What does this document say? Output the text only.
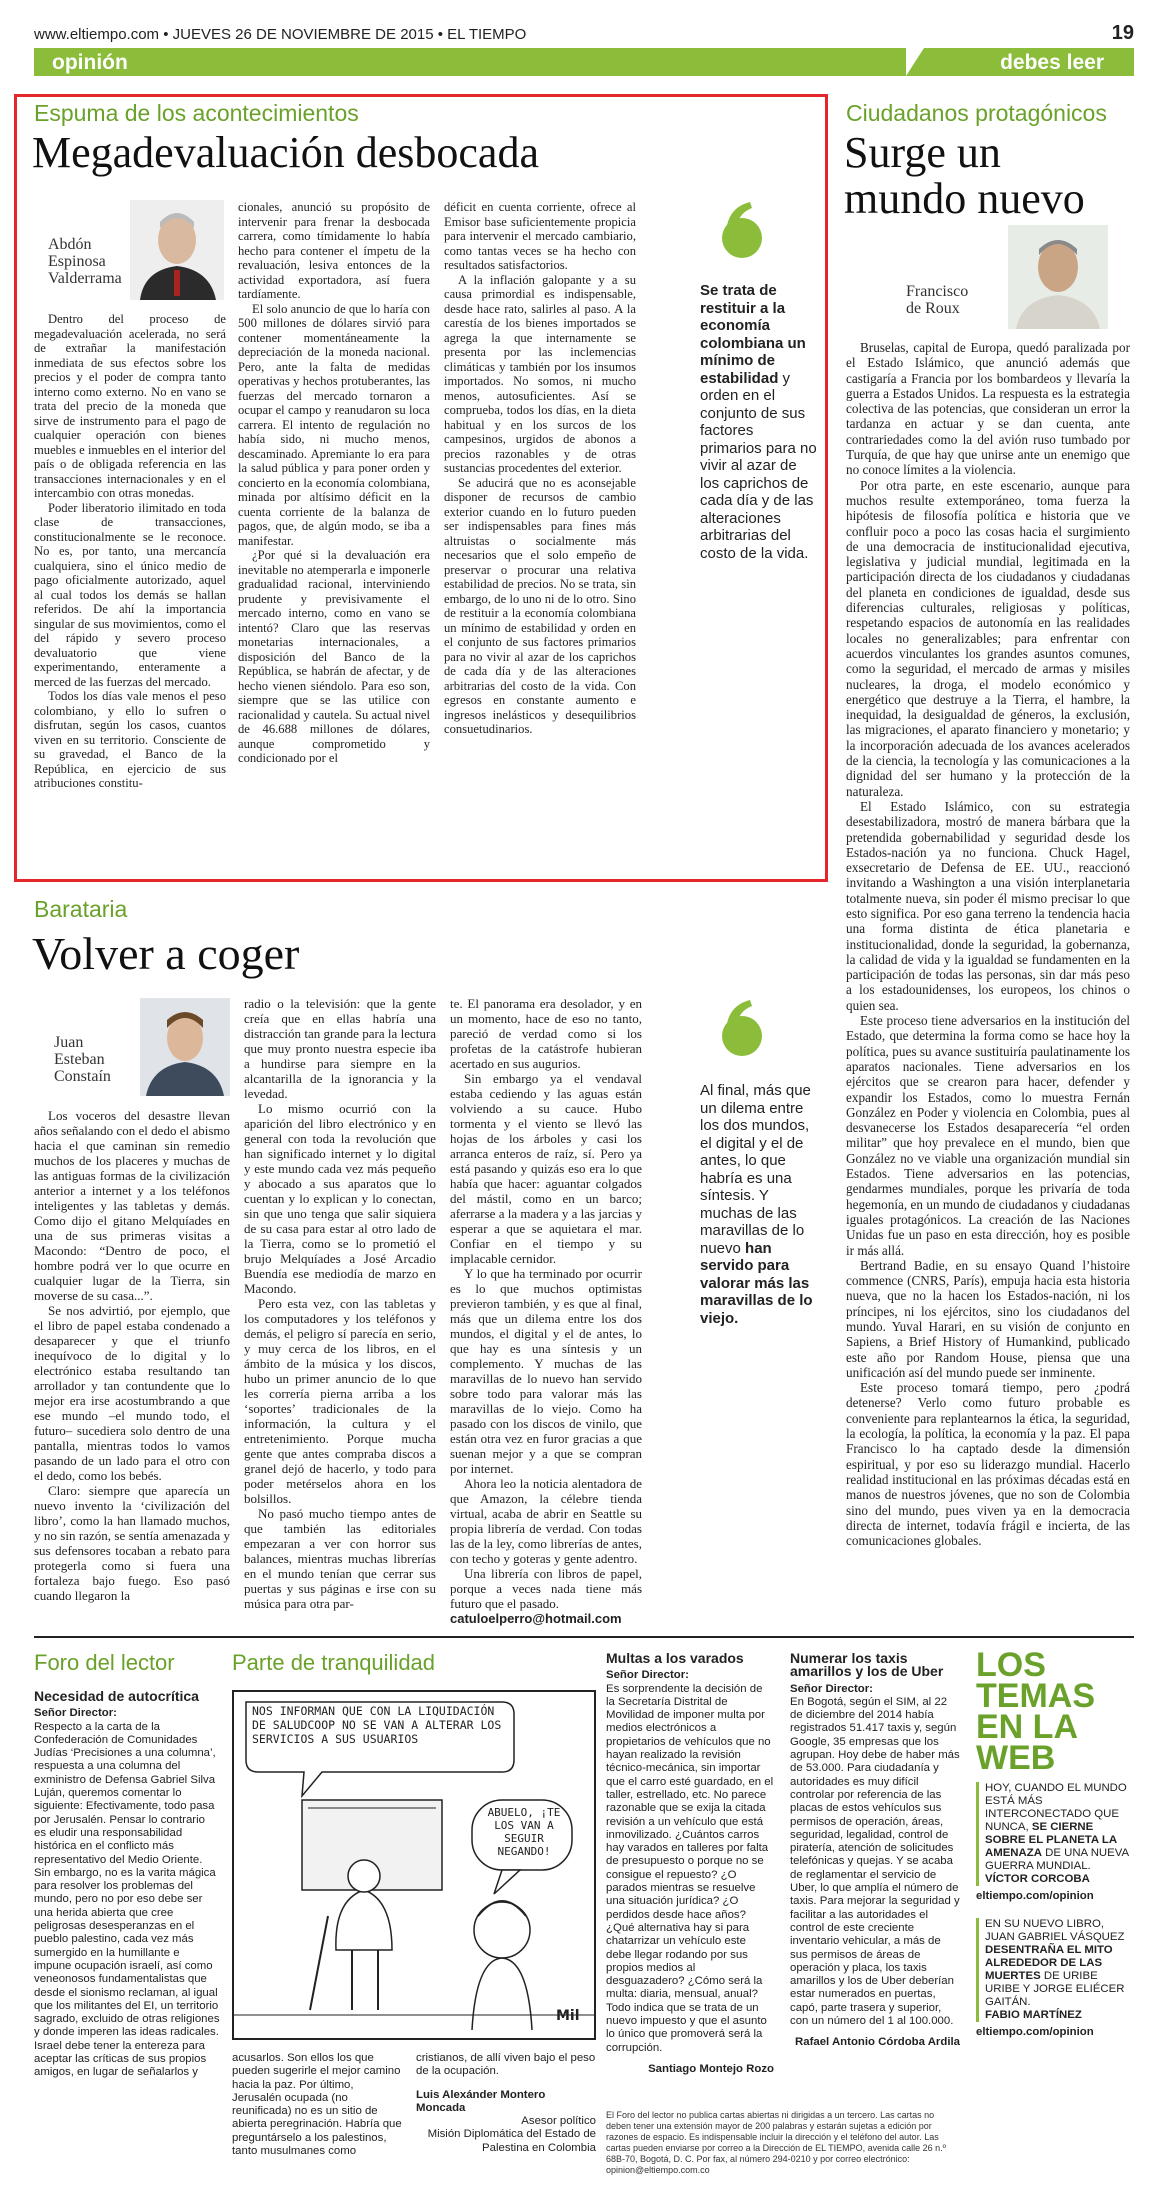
www.eltiempo.com • JUEVES 26 DE NOVIEMBRE DE 2015 • EL TIEMPO	19
opinión	debes leer
Espuma de los acontecimientos
Megadevaluación desbocada
Abdón Espinosa Valderrama

Dentro del proceso de megadevaluación acelerada, no será de extrañar la manifestación inmediata de sus efectos sobre los precios y el poder de compra tanto interno como externo. No en vano se trata del precio de la moneda que sirve de instrumento para el pago de cualquier operación con bienes muebles e inmuebles en el interior del país o de obligada referencia en las transacciones internacionales y en el intercambio con otras monedas.

Poder liberatorio ilimitado en toda clase de transacciones, constitucionalmente se le reconoce. No es, por tanto, una mercancía cualquiera, sino el único medio de pago oficialmente autorizado, aquel al cual todos los demás se hallan referidos. De ahí la importancia singular de sus movimientos, como el del rápido y severo proceso devaluatorio que viene experimentando, enteramente a merced de las fuerzas del mercado.

Todos los días vale menos el peso colombiano, y ello lo sufren o disfrutan, según los casos, cuantos viven en su territorio. Consciente de su gravedad, el Banco de la República, en ejercicio de sus atribuciones constitu-

cionales, anunció su propósito de intervenir para frenar la desbocada carrera, como tímidamente lo había hecho para contener el ímpetu de la revaluación, lesiva entonces de la actividad exportadora, así fuera tardíamente.

El solo anuncio de que lo haría con 500 millones de dólares sirvió para contener momentáneamente la depreciación de la moneda nacional. Pero, ante la falta de medidas operativas y hechos protuberantes, las fuerzas del mercado tornaron a ocupar el campo y reanudaron su loca carrera. El intento de regulación no había sido, ni mucho menos, descaminado. Apremiante lo era para la salud pública y para poner orden y concierto en la economía colombiana, minada por altísimo déficit en la cuenta corriente de la balanza de pagos, que, de algún modo, se iba a manifestar.

¿Por qué si la devaluación era inevitable no atemperarla e imponerle gradualidad racional, interviniendo prudente y previsivamente el mercado interno, como en vano se intentó? Claro que las reservas monetarias internacionales, a disposición del Banco de la República, se habrán de afectar, y de hecho vienen siéndolo. Para eso son, siempre que se las utilice con racionalidad y cautela. Su actual nivel de 46.688 millones de dólares, aunque comprometido y condicionado por el

déficit en cuenta corriente, ofrece al Emisor base suficientemente propicia para intervenir el mercado cambiario, como tantas veces se ha hecho con resultados satisfactorios.

A la inflación galopante y a su causa primordial es indispensable, desde hace rato, salirles al paso. A la carestía de los bienes importados se agrega la que internamente se presenta por las inclemencias climáticas y también por los insumos importados. No somos, ni mucho menos, autosuficientes. Así se comprueba, todos los días, en la dieta habitual y en los surcos de los campesinos, urgidos de abonos a precios razonables y de otras sustancias procedentes del exterior.

Se aducirá que no es aconsejable disponer de recursos de cambio exterior cuando en lo futuro pueden ser indispensables para fines más altruistas o socialmente más necesarios que el solo empeño de preservar o procurar una relativa estabilidad de precios. No se trata, sin embargo, de lo uno ni de lo otro. Sino de restituir a la economía colombiana un mínimo de estabilidad y orden en el conjunto de sus factores primarios para no vivir al azar de los caprichos de cada día y de las alteraciones arbitrarias del costo de la vida. Con egresos en constante aumento e ingresos inelásticos y desequilibrios consuetudinarios.

Se trata de restituir a la economía colombiana un mínimo de estabilidad y orden en el conjunto de sus factores primarios para no vivir al azar de los caprichos de cada día y de las alteraciones arbitrarias del costo de la vida.
Ciudadanos protagónicos
Surge un mundo nuevo
Francisco de Roux

Bruselas, capital de Europa, quedó paralizada por el Estado Islámico, que anunció además que castigaría a Francia por los bombardeos y llevaría la guerra a Estados Unidos. La respuesta es la estrategia colectiva de las potencias, que consideran un error la tardanza en actuar y se dan cuenta, ante contrariedades como la del avión ruso tumbado por Turquía, de que hay que unirse ante un enemigo que no conoce límites a la violencia.

Por otra parte, en este escenario, aunque para muchos resulte extemporáneo, toma fuerza la hipótesis de filosofía política e historia que ve confluir poco a poco las cosas hacia el surgimiento de una democracia de institucionalidad ejecutiva, legislativa y judicial mundial, legitimada en la participación directa de los ciudadanos y ciudadanas del planeta en condiciones de igualdad, desde sus diferencias culturales, religiosas y políticas, respetando espacios de autonomía en las realidades locales no generalizables; para enfrentar con acuerdos vinculantes los grandes asuntos comunes, como la seguridad, el mercado de armas y misiles nucleares, la droga, el modelo económico y energético que destruye a la Tierra, el hambre, la inequidad, la desigualdad de géneros, la exclusión, las migraciones, el aparato financiero y monetario; y la incorporación adecuada de los avances acelerados de la ciencia, la tecnología y las comunicaciones a la dignidad del ser humano y la protección de la naturaleza.

El Estado Islámico, con su estrategia desestabilizadora, mostró de manera bárbara que la pretendida gobernabilidad y seguridad desde los Estados-nación ya no funciona. Chuck Hagel, exsecretario de Defensa de EE. UU., reaccionó invitando a Washington a una visión interplanetaria totalmente nueva, sin poder él mismo precisar lo que esto significa. Por eso gana terreno la tendencia hacia una forma distinta de ética planetaria e institucionalidad, donde la seguridad, la gobernanza, la calidad de vida y la igualdad se fundamenten en la participación de todas las personas, sin dar más peso a los estadounidenses, los europeos, los chinos o quien sea.

Este proceso tiene adversarios en la institución del Estado, que determina la forma como se hace hoy la política, pues su avance sustituiría paulatinamente los aparatos nacionales. Tiene adversarios en los ejércitos que se crearon para hacer, defender y expandir los Estados, como lo muestra Fernán González en Poder y violencia en Colombia, pues al desvanecerse los Estados desaparecería “el orden militar” que hoy prevalece en el mundo, bien que González no ve viable una organización mundial sin Estados. Tiene adversarios en las potencias, gendarmes mundiales, porque les privaría de toda hegemonía, en un mundo de ciudadanos y ciudadanas iguales protagónicos. La creación de las Naciones Unidas fue un paso en esta dirección, hoy es posible ir más allá.

Bertrand Badie, en su ensayo Quand l’histoire commence (CNRS, París), empuja hacia esta historia nueva, que no la hacen los Estados-nación, ni los príncipes, ni los ejércitos, sino los ciudadanos del mundo. Yuval Harari, en su visión de conjunto en Sapiens, a Brief History of Humankind, publicado este año por Random House, piensa que una unificación así del mundo puede ser inminente.

Este proceso tomará tiempo, pero ¿podrá detenerse? Verlo como futuro probable es conveniente para replantearnos la ética, la seguridad, la ecología, la política, la economía y la paz. El papa Francisco lo ha captado desde la dimensión espiritual, y por eso su liderazgo mundial. Hacerlo realidad institucional en las próximas décadas está en manos de nuestros jóvenes, que no son de Colombia sino del mundo, pues viven ya en la democracia directa de internet, todavía frágil e incierta, de las comunicaciones globales.

Barataria
Volver a coger
Juan Esteban Constaín

Los voceros del desastre llevan años señalando con el dedo el abismo hacia el que caminan sin remedio muchos de los placeres y muchas de las antiguas formas de la civilización anterior a internet y a los teléfonos inteligentes y las tabletas y demás. Como dijo el gitano Melquíades en una de sus primeras visitas a Macondo: “Dentro de poco, el hombre podrá ver lo que ocurre en cualquier lugar de la Tierra, sin moverse de su casa...”.

Se nos advirtió, por ejemplo, que el libro de papel estaba condenado a desaparecer y que el triunfo inequívoco de lo digital y lo electrónico estaba resultando tan arrollador y tan contundente que lo mejor era irse acostumbrando a que ese mundo –el mundo todo, el futuro– sucediera solo dentro de una pantalla, mientras todos lo vamos pasando de un lado para el otro con el dedo, como los bebés.

Claro: siempre que aparecía un nuevo invento la ‘civilización del libro’, como la han llamado muchos, y no sin razón, se sentía amenazada y sus defensores tocaban a rebato para protegerla como si fuera una fortaleza bajo fuego. Eso pasó cuando llegaron la

radio o la televisión: que la gente creía que en ellas habría una distracción tan grande para la lectura que muy pronto nuestra especie iba a hundirse para siempre en la alcantarilla de la ignorancia y la levedad.

Lo mismo ocurrió con la aparición del libro electrónico y en general con toda la revolución que han significado internet y lo digital y este mundo cada vez más pequeño y abocado a sus aparatos que lo cuentan y lo explican y lo conectan, sin que uno tenga que salir siquiera de su casa para estar al otro lado de la Tierra, como se lo prometió el brujo Melquíades a José Arcadio Buendía ese mediodía de marzo en Macondo.

Pero esta vez, con las tabletas y los computadores y los teléfonos y demás, el peligro sí parecía en serio, y muy cerca de los libros, en el ámbito de la música y los discos, hubo un primer anuncio de lo que les correría pierna arriba a los ‘soportes’ tradicionales de la información, la cultura y el entretenimiento. Porque mucha gente que antes compraba discos a granel dejó de hacerlo, y todo para poder metérselos ahora en los bolsillos.

No pasó mucho tiempo antes de que también las editoriales empezaran a ver con horror sus balances, mientras muchas librerías en el mundo tenían que cerrar sus puertas y sus páginas e irse con su música para otra par-

te. El panorama era desolador, y en un momento, hace de eso no tanto, pareció de verdad como si los profetas de la catástrofe hubieran acertado en sus augurios.

Sin embargo ya el vendaval estaba cediendo y las aguas están volviendo a su cauce. Hubo tormenta y el viento se llevó las hojas de los árboles y casi los arranca enteros de raíz, sí. Pero ya está pasando y quizás eso era lo que había que hacer: aguantar colgados del mástil, como en un barco; aferrarse a la madera y a las jarcias y esperar a que se aquietara el mar. Confiar en el tiempo y su implacable cernidor.

Y lo que ha terminado por ocurrir es lo que muchos optimistas previeron también, y es que al final, más que un dilema entre los dos mundos, el digital y el de antes, lo que hay es una síntesis y un complemento. Y muchas de las maravillas de lo nuevo han servido sobre todo para valorar más las maravillas de lo viejo. Como ha pasado con los discos de vinilo, que están otra vez en furor gracias a que suenan mejor y a que se compran por internet.

Ahora leo la noticia alentadora de que Amazon, la célebre tienda virtual, acaba de abrir en Seattle su propia librería de verdad. Con todas las de la ley, como librerías de antes, con techo y goteras y gente adentro.

Una librería con libros de papel, porque a veces nada tiene más futuro que el pasado.

catuloelperro@hotmail.com

Al final, más que un dilema entre los dos mundos, el digital y el de antes, lo que habría es una síntesis. Y muchas de las maravillas de lo nuevo han servido para valorar más las maravillas de lo viejo.
Foro del lector
Necesidad de autocrítica
Señor Director:
Respecto a la carta de la Confederación de Comunidades Judías ‘Precisiones a una columna’, respuesta a una columna del exministro de Defensa Gabriel Silva Luján, queremos comentar lo siguiente: Efectivamente, todo pasa por Jerusalén. Pensar lo contrario es eludir una responsabilidad histórica en el conflicto más representativo del Medio Oriente. Sin embargo, no es la varita mágica para resolver los problemas del mundo, pero no por eso debe ser una herida abierta que cree peligrosas desesperanzas en el pueblo palestino, cada vez más sumergido en la humillante e impune ocupación israelí, así como veneonosos fundamentalistas que desde el sionismo reclaman, al igual que los militantes del EI, un territorio sagrado, excluido de otras religiones y donde imperen las ideas radicales. Israel debe tener la entereza para aceptar las críticas de sus propios amigos, en lugar de señalarlos y
Parte de tranquilidad
NOS INFORMAN QUE CON LA LIQUIDACIÓN DE SALUDCOOP NO SE VAN A ALTERAR LOS SERVICIOS A SUS USUARIOS
ABUELO, ¡TE LOS VAN A SEGUIR NEGANDO!
Mil
acusarlos. Son ellos los que pueden sugerirle el mejor camino hacia la paz. Por último, Jerusalén ocupada (no reunificada) no es un sitio de abierta peregrinación. Habría que preguntárselo a los palestinos, tanto musulmanes como
cristianos, de allí viven bajo el peso de la ocupación.
Luis Alexánder Montero Moncada
Asesor político
Misión Diplomática del Estado de
Palestina en Colombia
Multas a los varados
Señor Director:
Es sorprendente la decisión de la Secretaría Distrital de Movilidad de imponer multa por medios electrónicos a propietarios de vehículos que no hayan realizado la revisión técnico-mecánica, sin importar que el carro esté guardado, en el taller, estrellado, etc. No parece razonable que se exija la citada revisión a un vehículo que está inmovilizado. ¿Cuántos carros hay varados en talleres por falta de presupuesto o porque no se consigue el repuesto? ¿O parados mientras se resuelve una situación jurídica? ¿O perdidos desde hace años? ¿Qué alternativa hay si para chatarrizar un vehículo este debe llegar rodando por sus propios medios al desguazadero? ¿Cómo será la multa: diaria, mensual, anual? Todo indica que se trata de un nuevo impuesto y que el asunto lo único que promoverá será la corrupción.
Santiago Montejo Rozo
Numerar los taxis amarillos y los de Uber
Señor Director:
En Bogotá, según el SIM, al 22 de diciembre del 2014 había registrados 51.417 taxis y, según Google, 35 empresas que los agrupan. Hoy debe de haber más de 53.000. Para ciudadanía y autoridades es muy difícil controlar por referencia de las placas de estos vehículos sus permisos de operación, áreas, seguridad, legalidad, control de piratería, atención de solicitudes telefónicas y quejas. Y se acaba de reglamentar el servicio de Uber, lo que amplía el número de taxis. Para mejorar la seguridad y facilitar a las autoridades el control de este creciente inventario vehicular, a más de sus permisos de áreas de operación y placa, los taxis amarillos y los de Uber deberían estar numerados en puertas, capó, parte trasera y superior, con un número del 1 al 100.000.
Rafael Antonio Córdoba Ardila
El Foro del lector no publica cartas abiertas ni dirigidas a un tercero. Las cartas no deben tener una extensión mayor de 200 palabras y estarán sujetas a edición por razones de espacio. Es indispensable incluir la dirección y el teléfono del autor. Las cartas pueden enviarse por correo a la Dirección de EL TIEMPO, avenida calle 26 n.º 68B-70, Bogotá, D. C. Por fax, al número 294-0210 y por correo electrónico: opinion@eltiempo.com.co
LOS
TEMAS
EN LA
WEB
HOY, CUANDO EL MUNDO ESTÁ MÁS INTERCONECTADO QUE NUNCA, SE CIERNE SOBRE EL PLANETA LA AMENAZA DE UNA NUEVA GUERRA MUNDIAL.
VÍCTOR CORCOBA
eltiempo.com/opinion
EN SU NUEVO LIBRO, JUAN GABRIEL VÁSQUEZ DESENTRAÑA EL MITO ALREDEDOR DE LAS MUERTES DE URIBE URIBE Y JORGE ELIÉCER GAITÁN.
FABIO MARTÍNEZ
eltiempo.com/opinion
